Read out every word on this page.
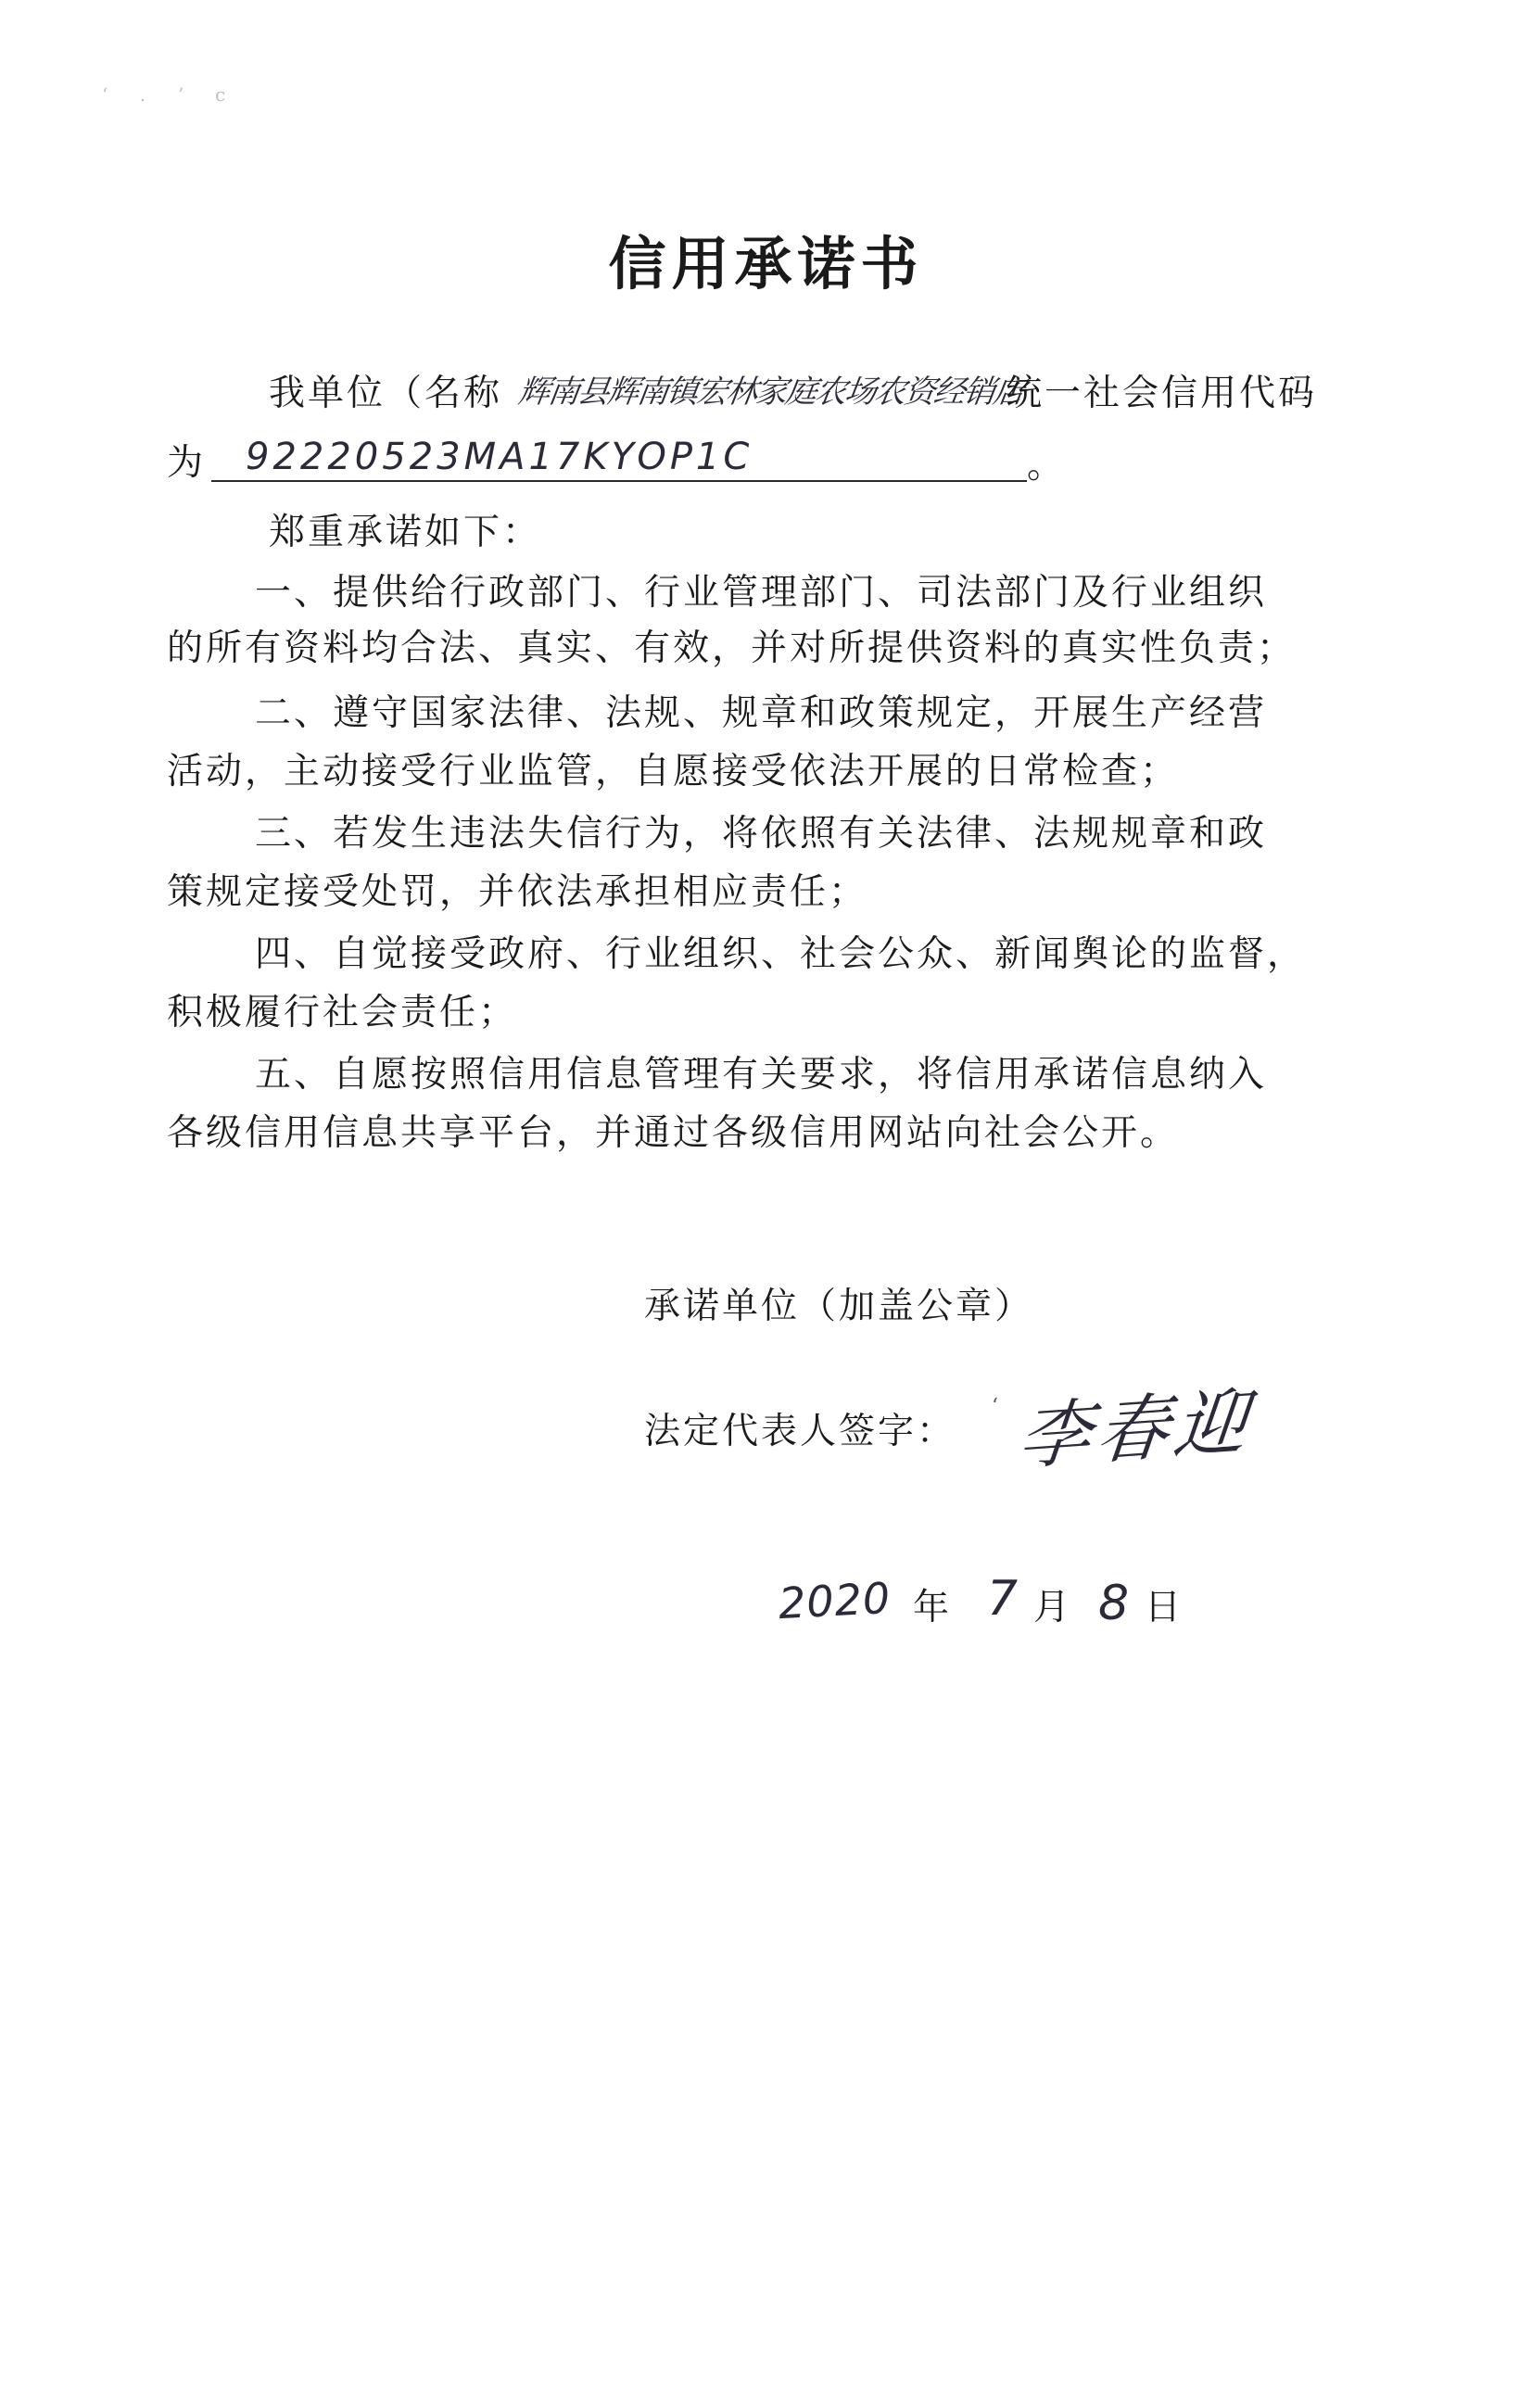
ʻ . ʼ с
信用承诺书
我单位（名称 辉南县辉南镇宏林家庭农场农资经销店
统一社会信用代码
为 92220523MA17KYOP1C	。
郑重承诺如下：
一、提供给行政部门、行业管理部门、司法部门及行业组织
的所有资料均合法、真实、有效，并对所提供资料的真实性负责；
二、遵守国家法律、法规、规章和政策规定，开展生产经营
活动，主动接受行业监管，自愿接受依法开展的日常检查；
三、若发生违法失信行为，将依照有关法律、法规规章和政
策规定接受处罚，并依法承担相应责任；
四、自觉接受政府、行业组织、社会公众、新闻舆论的监督，
积极履行社会责任；
五、自愿按照信用信息管理有关要求，将信用承诺信息纳入
各级信用信息共享平台，并通过各级信用网站向社会公开。
承诺单位（加盖公章）
法定代表人签字：
ʻ 李春迎
2020 年 7 月 8 日
